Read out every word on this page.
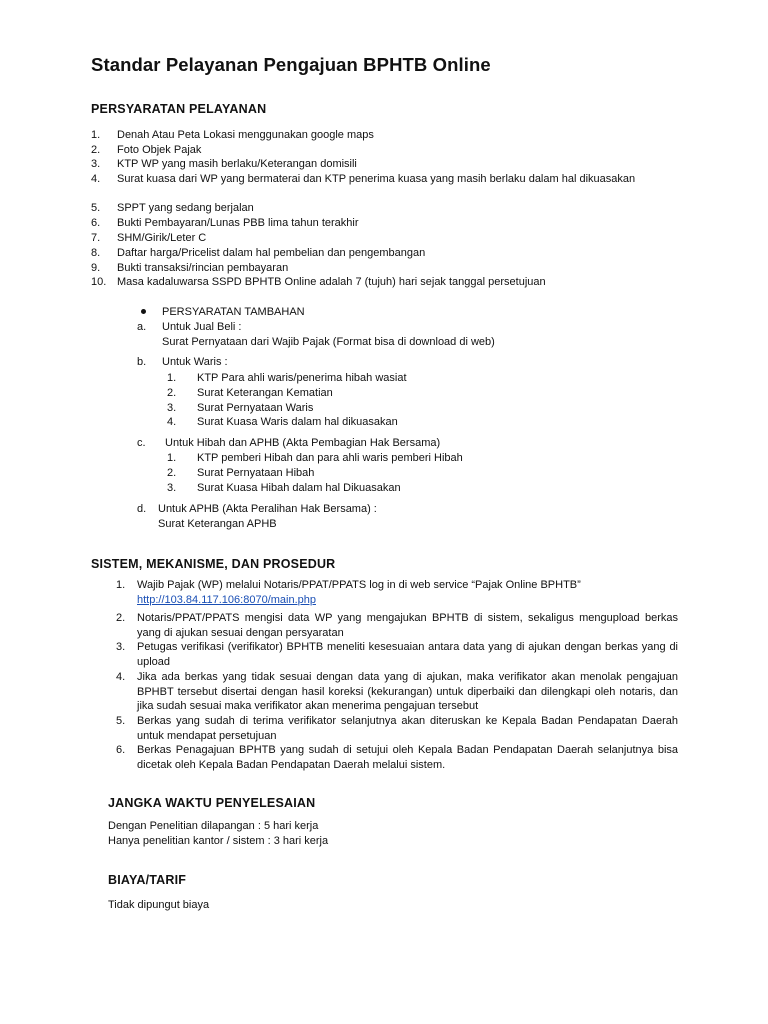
Standar Pelayanan Pengajuan BPHTB Online
PERSYARATAN PELAYANAN
1.	Denah Atau Peta Lokasi menggunakan google maps
2.	Foto Objek Pajak
3.	KTP WP yang masih berlaku/Keterangan domisili
4.	Surat kuasa dari WP yang bermaterai dan KTP penerima kuasa yang masih berlaku dalam hal dikuasakan
5.	SPPT yang sedang berjalan
6.	Bukti Pembayaran/Lunas PBB lima tahun terakhir
7.	SHM/Girik/Leter C
8.	Daftar harga/Pricelist dalam hal pembelian dan pengembangan
9.	Bukti transaksi/rincian pembayaran
10. Masa kadaluwarsa SSPD BPHTB Online adalah 7 (tujuh) hari sejak tanggal persetujuan
PERSYARATAN TAMBAHAN
a. Untuk Jual Beli :
Surat Pernyataan dari Wajib Pajak (Format bisa di download di web)
b. Untuk Waris :
1. KTP Para ahli waris/penerima hibah wasiat
2. Surat Keterangan Kematian
3. Surat Pernyataan Waris
4. Surat Kuasa Waris dalam hal dikuasakan
c. Untuk Hibah dan APHB (Akta Pembagian Hak Bersama)
1. KTP pemberi Hibah dan para ahli waris pemberi Hibah
2. Surat Pernyataan Hibah
3. Surat Kuasa Hibah dalam hal Dikuasakan
d. Untuk APHB (Akta Peralihan Hak Bersama) :
Surat Keterangan APHB
SISTEM, MEKANISME, DAN PROSEDUR
1.	Wajib Pajak (WP) melalui Notaris/PPAT/PPATS log in di web service “Pajak Online BPHTB”
http://103.84.117.106:8070/main.php
2.	Notaris/PPAT/PPATS mengisi data WP yang mengajukan BPHTB di sistem, sekaligus mengupload berkas yang di ajukan sesuai dengan persyaratan
3.	Petugas verifikasi (verifikator) BPHTB meneliti kesesuaian antara data yang di ajukan dengan berkas yang di upload
4.	Jika ada berkas yang tidak sesuai dengan data yang di ajukan, maka verifikator akan menolak pengajuan BPHBT tersebut disertai dengan hasil koreksi (kekurangan) untuk diperbaiki dan dilengkapi oleh notaris, dan jika sudah sesuai maka verifikator akan menerima pengajuan tersebut
5.	Berkas yang sudah di terima verifikator selanjutnya akan diteruskan ke Kepala Badan Pendapatan Daerah untuk mendapat persetujuan
6.	Berkas Penagajuan BPHTB yang sudah di setujui oleh Kepala Badan Pendapatan Daerah selanjutnya bisa dicetak oleh Kepala Badan Pendapatan Daerah melalui sistem.
JANGKA WAKTU PENYELESAIAN
Dengan Penelitian dilapangan : 5 hari kerja
Hanya penelitian kantor / sistem : 3 hari kerja
BIAYA/TARIF
Tidak dipungut biaya
